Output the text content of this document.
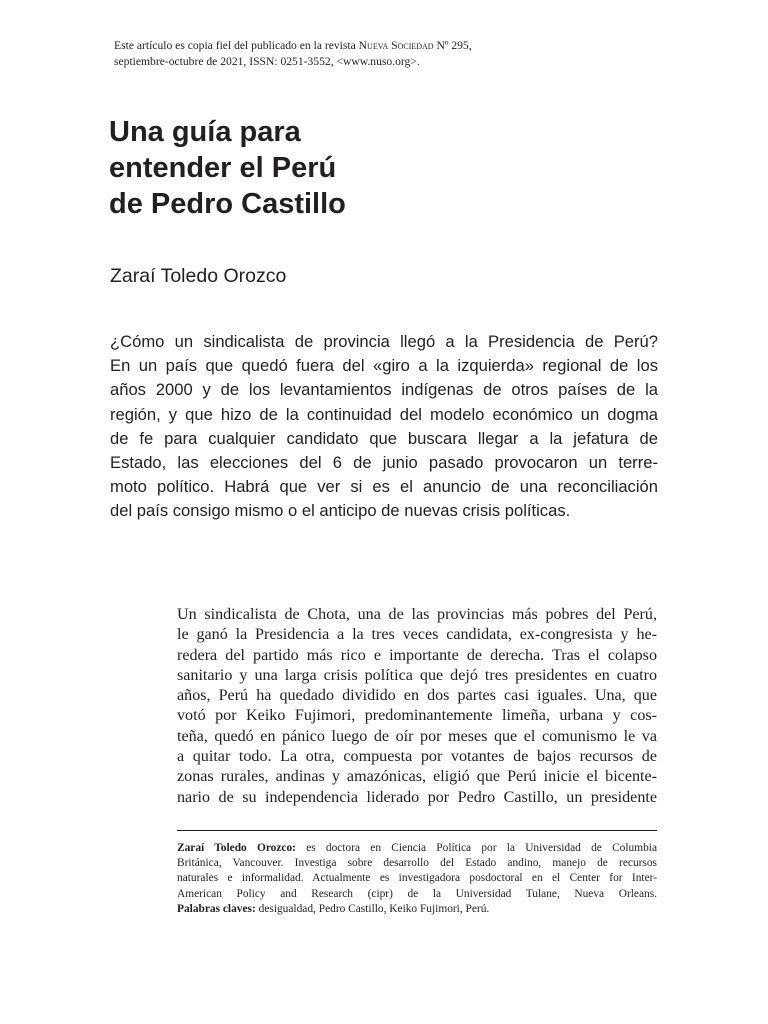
Este artículo es copia fiel del publicado en la revista Nueva Sociedad Nº 295,
septiembre-octubre de 2021, ISSN: 0251-3552, <www.nuso.org>.
Una guía para
entender el Perú
de Pedro Castillo
Zaraí Toledo Orozco

¿Cómo un sindicalista de provincia llegó a la Presidencia de Perú?
En un país que quedó fuera del «giro a la izquierda» regional de los
años 2000 y de los levantamientos indígenas de otros países de la
región, y que hizo de la continuidad del modelo económico un dogma
de fe para cualquier candidato que buscara llegar a la jefatura de
Estado, las elecciones del 6 de junio pasado provocaron un terre-
moto político. Habrá que ver si es el anuncio de una reconciliación
del país consigo mismo o el anticipo de nuevas crisis políticas.

Un sindicalista de Chota, una de las provincias más pobres del Perú,
le ganó la Presidencia a la tres veces candidata, ex-congresista y he-
redera del partido más rico e importante de derecha. Tras el colapso
sanitario y una larga crisis política que dejó tres presidentes en cuatro
años, Perú ha quedado dividido en dos partes casi iguales. Una, que
votó por Keiko Fujimori, predominantemente limeña, urbana y cos-
teña, quedó en pánico luego de oír por meses que el comunismo le va
a quitar todo. La otra, compuesta por votantes de bajos recursos de
zonas rurales, andinas y amazónicas, eligió que Perú inicie el bicente-
nario de su independencia liderado por Pedro Castillo, un presidente
Zaraí Toledo Orozco: es doctora en Ciencia Política por la Universidad de Columbia
Británica, Vancouver. Investiga sobre desarrollo del Estado andino, manejo de recursos
naturales e informalidad. Actualmente es investigadora posdoctoral en el Center for Inter-
American Policy and Research (cipr) de la Universidad Tulane, Nueva Orleans.
Palabras claves: desigualdad, Pedro Castillo, Keiko Fujimori, Perú.
